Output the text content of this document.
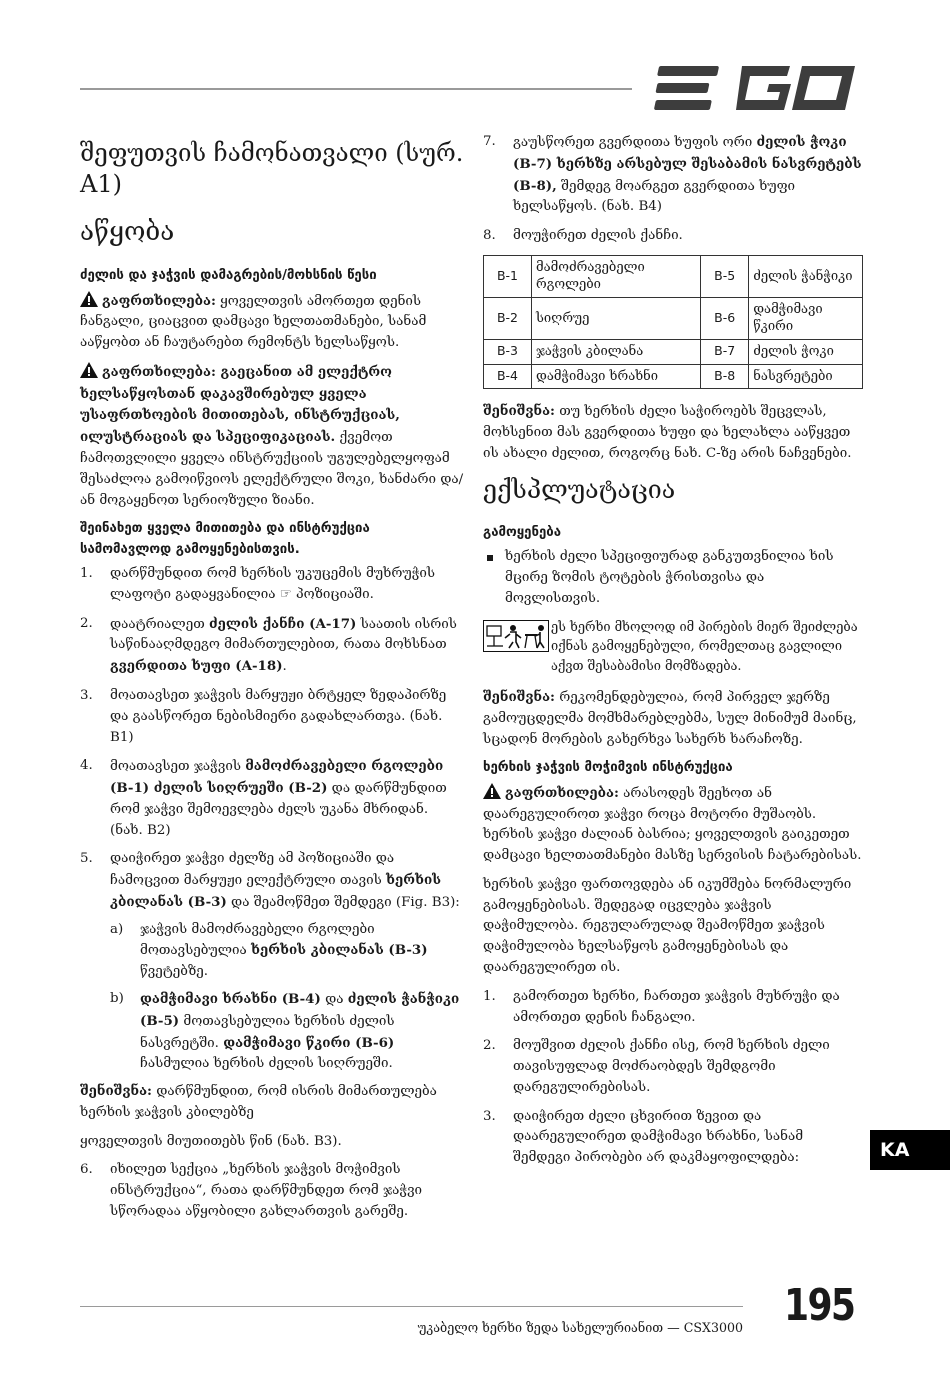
EGO
შეფუთვის ჩამონათვალი (სურ. A1)
აწყობა
ძელის და ჯაჭვის დამაგრების/მოხსნის წესი

გაფრთხილება: ყოველთვის ამორთეთ დენის ჩანგალი, ციაცვით დამცავი ხელთათმანები, სანამ ააწყობთ ან ჩაუტარებთ რემონტს ხელსაწყოს.

გაფრთხილება: გაეცანით ამ ელექტრო ხელსაწყოსთან დაკავშირებულ ყველა უსაფრთხოების მითითებას, ინსტრუქციას, ილუსტრაციას და სპეციფიკაციას. ქვემოთ ჩამოთვლილი ყველა ინსტრუქციის უგულებელყოფამ შესაძლოა გამოიწვიოს ელექტრული შოკი, ხანძარი და/ან მოგაყენოთ სერიოზული ზიანი.

შეინახეთ ყველა მითითება და ინსტრუქცია სამომავლოდ გამოყენებისთვის.
1. დარწმუნდით რომ ხერხის უკუცემის მუხრუჭის ლაფოტი გადაყვანილია ☞ პოზიციაში.
2. დაატრიალეთ ძელის ქანჩი (A-17) საათის ისრის საწინააღმდეგო მიმართულებით, რათა მოხსნათ გვერდითა ხუფი (A-18).
3. მოათავსეთ ჯაჭვის მარყუჟი ბრტყელ ზედაპირზე და გაასწორეთ ნებისმიერი გადახლართვა. (ნახ. B1)
4. მოათავსეთ ჯაჭვის მამოძრავებელი რგოლები (B-1) ძელის სიღრუეში (B-2) და დარწმუნდით რომ ჯაჭვი შემოევლება ძელს უკანა მხრიდან. (ნახ. B2)
5. დაიჭირეთ ჯაჭვი ძელზე ამ პოზიციაში და ჩამოცვით მარყუჟი ელექტრული თავის ხერხის კბილანას (B-3) და შეამოწმეთ შემდეგი (Fig. B3):
a) ჯაჭვის მამოძრავებელი რგოლები მოთავსებულია ხერხის კბილანას (B-3) წვეტებზე.
b) დამჭიმავი ხრახნი (B-4) და ძელის ჭანჭიკი (B-5) მოთავსებულია ხერხის ძელის ნასვრეტში. დამჭიმავი წკირი (B-6) ჩასმულია ხერხის ძელის სიღრუეში.

შენიშვნა: დარწმუნდით, რომ ისრის მიმართულება ხერხის ჯაჭვის კბილებზე

ყოველთვის მიუთითებს წინ (ნახ. B3).

6. იხილეთ სექცია „ხერხის ჯაჭვის მოჭიმვის ინსტრუქცია“, რათა დარწმუნდეთ რომ ჯაჭვი სწორადაა აწყობილი გახლართვის გარეშე.
7. გაუსწორეთ გვერდითა ხუფის ორი ძელის ჭოკი (B-7) ხერხზე არსებულ შესაბამის ნასვრეტებს (B-8), შემდეგ მოარგეთ გვერდითა ხუფი ხელსაწყოს. (ნახ. B4)
8. მოუჭირეთ ძელის ქანჩი.
B-1	მამოძრავებელი რგოლები	B-5	ძელის ჭანჭიკი
B-2	სიღრუე	B-6	დამჭიმავი წკირი
B-3	ჯაჭვის კბილანა	B-7	ძელის ჭოკი
B-4	დამჭიმავი ხრახნი	B-8	ნასვრეტები

შენიშვნა: თუ ხერხის ძელი საჭიროებს შეცვლას, მოხსენით მას გვერდითა ხუფი და ხელახლა ააწყვეთ ის ახალი ძელით, როგორც ნახ. C-ზე არის ნაჩვენები.

ექსპლუატაცია
გამოყენება
ხერხის ძელი სპეციფიურად განკუთვნილია ხის მცირე ზომის ტოტების ჭრისთვისა და მოვლისთვის.
ეს ხერხი მხოლოდ იმ პირების მიერ შეიძლება იქნას გამოყენებული, რომელთაც გავლილი აქვთ შესაბამისი მომზადება.

შენიშვნა: რეკომენდებულია, რომ პირველ ჯერზე გამოუცდელმა მომხმარებლებმა, სულ მინიმუმ მაინც, სცადონ მორების გახერხვა სახერხ ხარაჩოზე.

ხერხის ჯაჭვის მოჭიმვის ინსტრუქცია

გაფრთხილება: არასოდეს შეეხოთ ან დაარეგულიროთ ჯაჭვი როცა მოტორი მუშაობს. ხერხის ჯაჭვი ძალიან ბასრია; ყოველთვის გაიკეთეთ დამცავი ხელთათმანები მასზე სერვისის ჩატარებისას.

ხერხის ჯაჭვი ფართოვდება ან იკუმშება ნორმალური გამოყენებისას. შედეგად იცვლება ჯაჭვის დაჭიმულობა. რეგულარულად შეამოწმეთ ჯაჭვის დაჭიმულობა ხელსაწყოს გამოყენებისას და დაარეგულირეთ ის.

1. გამორთეთ ხერხი, ჩართეთ ჯაჭვის მუხრუჭი და ამორთეთ დენის ჩანგალი.
2. მოუშვით ძელის ქანჩი ისე, რომ ხერხის ძელი თავისუფლად მოძრაობდეს შემდგომი დარეგულირებისას.
3. დაიჭირეთ ძელი ცხვირით ზევით და დაარეგულირეთ დამჭიმავი ხრახნი, სანამ შემდეგი პირობები არ დაკმაყოფილდება:	KA
უკაბელო ხერხი ზედა სახელურიანით — CSX3000 195
